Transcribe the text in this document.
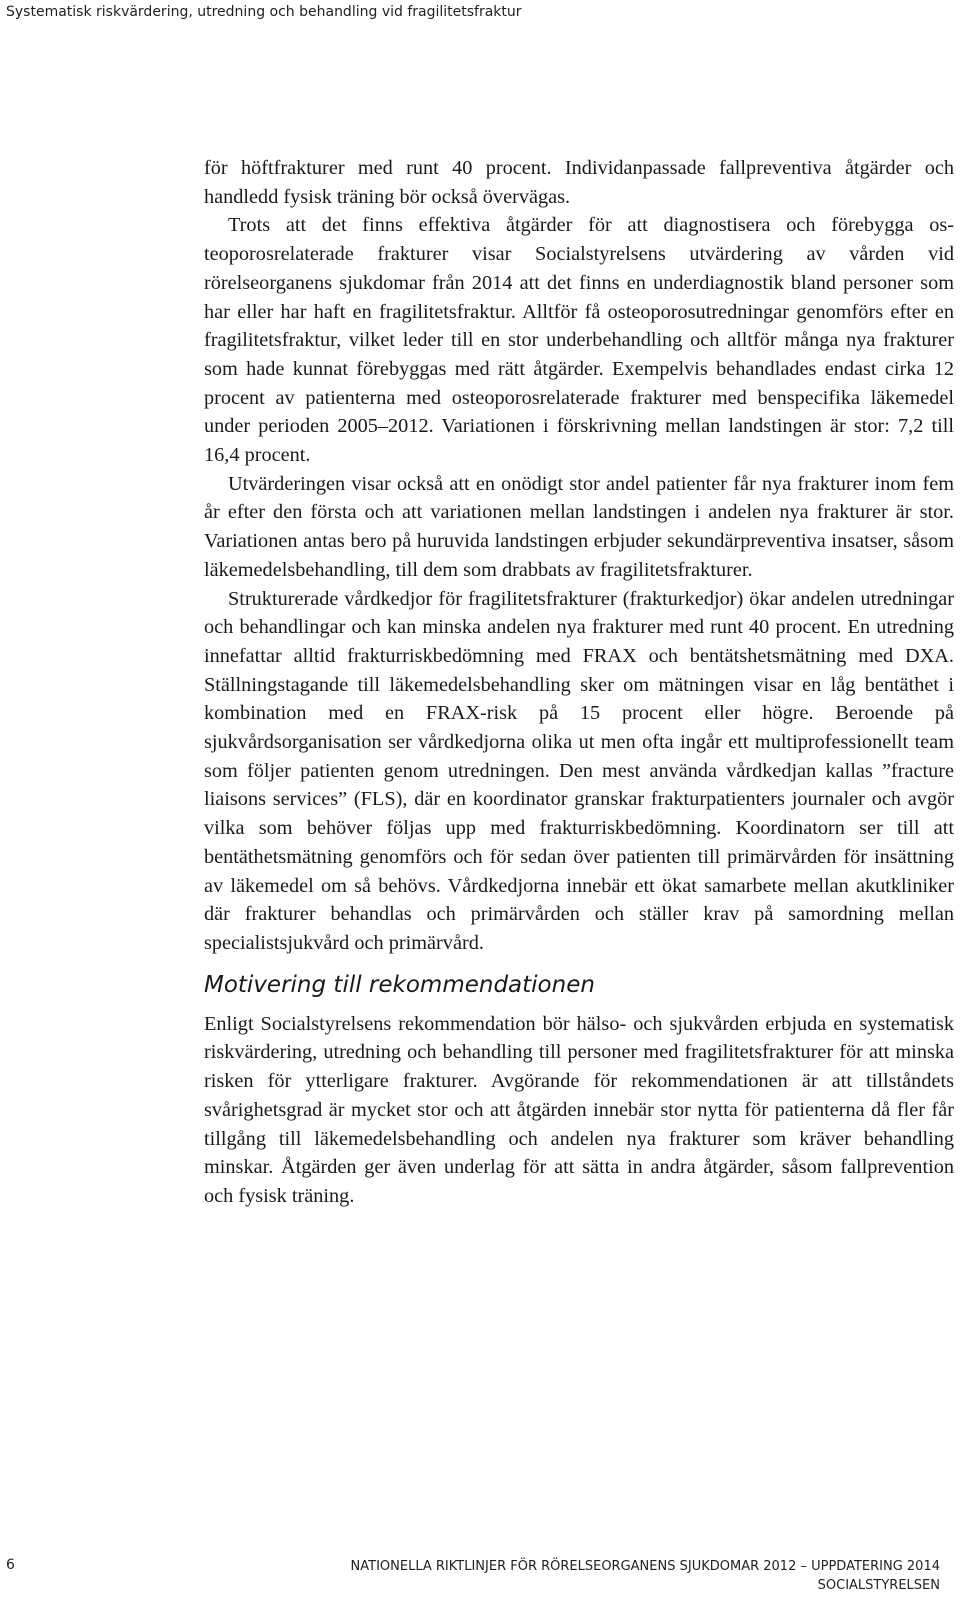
Systematisk riskvärdering, utredning och behandling vid fragilitetsfraktur

för höftfrakturer med runt 40 procent. Individanpassade fallpreventiva åtgärder och handledd fysisk träning bör också övervägas.

Trots att det finns effektiva åtgärder för att diagnostisera och förebygga osteoporosrelaterade frakturer visar Socialstyrelsens utvärdering av vården vid rörelseorganens sjukdomar från 2014 att det finns en underdiagnostik bland personer som har eller har haft en fragilitetsfraktur. Alltför få osteoporosutredningar genomförs efter en fragilitetsfraktur, vilket leder till en stor underbehandling och alltför många nya frakturer som hade kunnat förebyggas med rätt åtgärder. Exempelvis behandlades endast cirka 12 procent av patienterna med osteoporosrelaterade frakturer med benspecifika läkemedel under perioden 2005–2012. Variationen i förskrivning mellan landstingen är stor: 7,2 till 16,4 procent.

Utvärderingen visar också att en onödigt stor andel patienter får nya frakturer inom fem år efter den första och att variationen mellan landstingen i andelen nya frakturer är stor. Variationen antas bero på huruvida landstingen erbjuder sekundärpreventiva insatser, såsom läkemedelsbehandling, till dem som drabbats av fragilitetsfrakturer.

Strukturerade vårdkedjor för fragilitetsfrakturer (frakturkedjor) ökar andelen utredningar och behandlingar och kan minska andelen nya frakturer med runt 40 procent. En utredning innefattar alltid frakturriskbedömning med FRAX och bentätshetsmätning med DXA. Ställningstagande till läkemedelsbehandling sker om mätningen visar en låg bentäthet i kombination med en FRAX-risk på 15 procent eller högre. Beroende på sjukvårdsorganisation ser vårdkedjorna olika ut men ofta ingår ett multiprofessionellt team som följer patienten genom utredningen. Den mest använda vårdkedjan kallas ”fracture liaisons services” (FLS), där en koordinator granskar frakturpatienters journaler och avgör vilka som behöver följas upp med frakturriskbedömning. Koordinatorn ser till att bentäthetsmätning genomförs och för sedan över patienten till primärvården för insättning av läkemedel om så behövs. Vårdkedjorna innebär ett ökat samarbete mellan akutkliniker där frakturer behandlas och primärvården och ställer krav på samordning mellan specialistsjukvård och primärvård.

Motivering till rekommendationen

Enligt Socialstyrelsens rekommendation bör hälso- och sjukvården erbjuda en systematisk riskvärdering, utredning och behandling till personer med fragilitetsfrakturer för att minska risken för ytterligare frakturer. Avgörande för rekommendationen är att tillståndets svårighetsgrad är mycket stor och att åtgärden innebär stor nytta för patienterna då fler får tillgång till läkemedelsbehandling och andelen nya frakturer som kräver behandling minskar. Åtgärden ger även underlag för att sätta in andra åtgärder, såsom fallprevention och fysisk träning.

6	NATIONELLA RIKTLINJER FÖR RÖRELSEORGANENS SJUKDOMAR 2012 – UPPDATERING 2014
SOCIALSTYRELSEN
